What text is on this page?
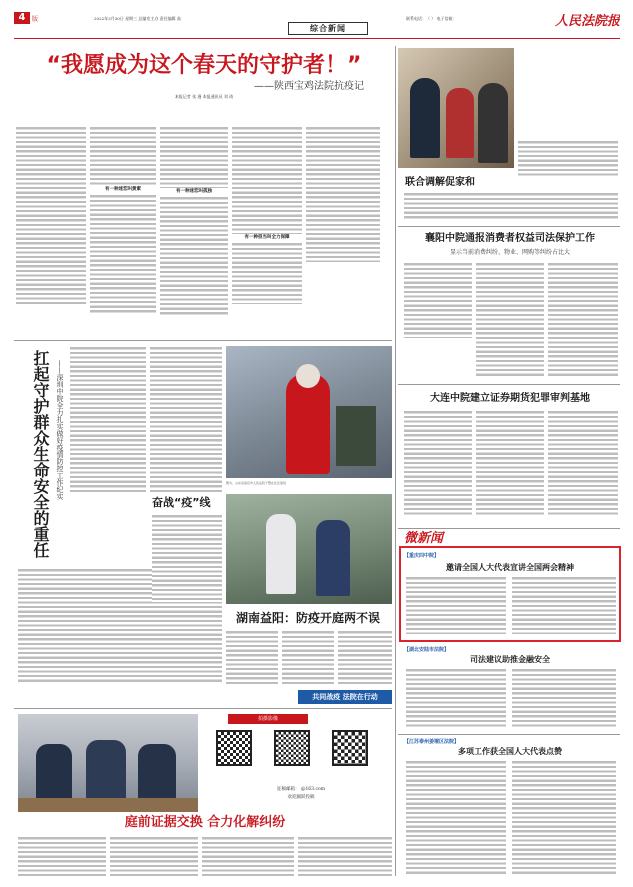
4	版	2022年3月30日 星期三 总编室主办 责任编辑 高	联系电话：（ ） 电子信箱：	人民法院报
综合新闻
“我愿成为这个春天的守护者！”
——陕西宝鸡法院抗疫记
本报记者 张 漫 本报通讯员 刘 琦
有一种迷恋叫黄素	有一种迷恋叫孤独
有一种担当叫全力保障
联合调解促家和
襄阳中院通报消费者权益司法保护工作
显示当前消费纠纷、物业、网购等纠纷占比大
大连中院建立证券期货犯罪审判基地
扛起守护群众生命安全的重任 ——深圳中院全力扎实做好疫情防控工作纪实	图为，山东省高密市人民法院干警在社区值班
奋战“疫”线
湖南益阳：防疫开庭两不误
共同战疫 法院在行动
微新闻
【重庆四中院】
邀请全国人大代表宣讲全国两会精神
【湖北安陆市法院】
司法建议助推金融安全
【江苏泰州姜堰区法院】
多项工作获全国人大代表点赞
拍摄影像
征稿邮箱： @163.com
欢迎踊跃投稿
庭前证据交换 合力化解纠纷
